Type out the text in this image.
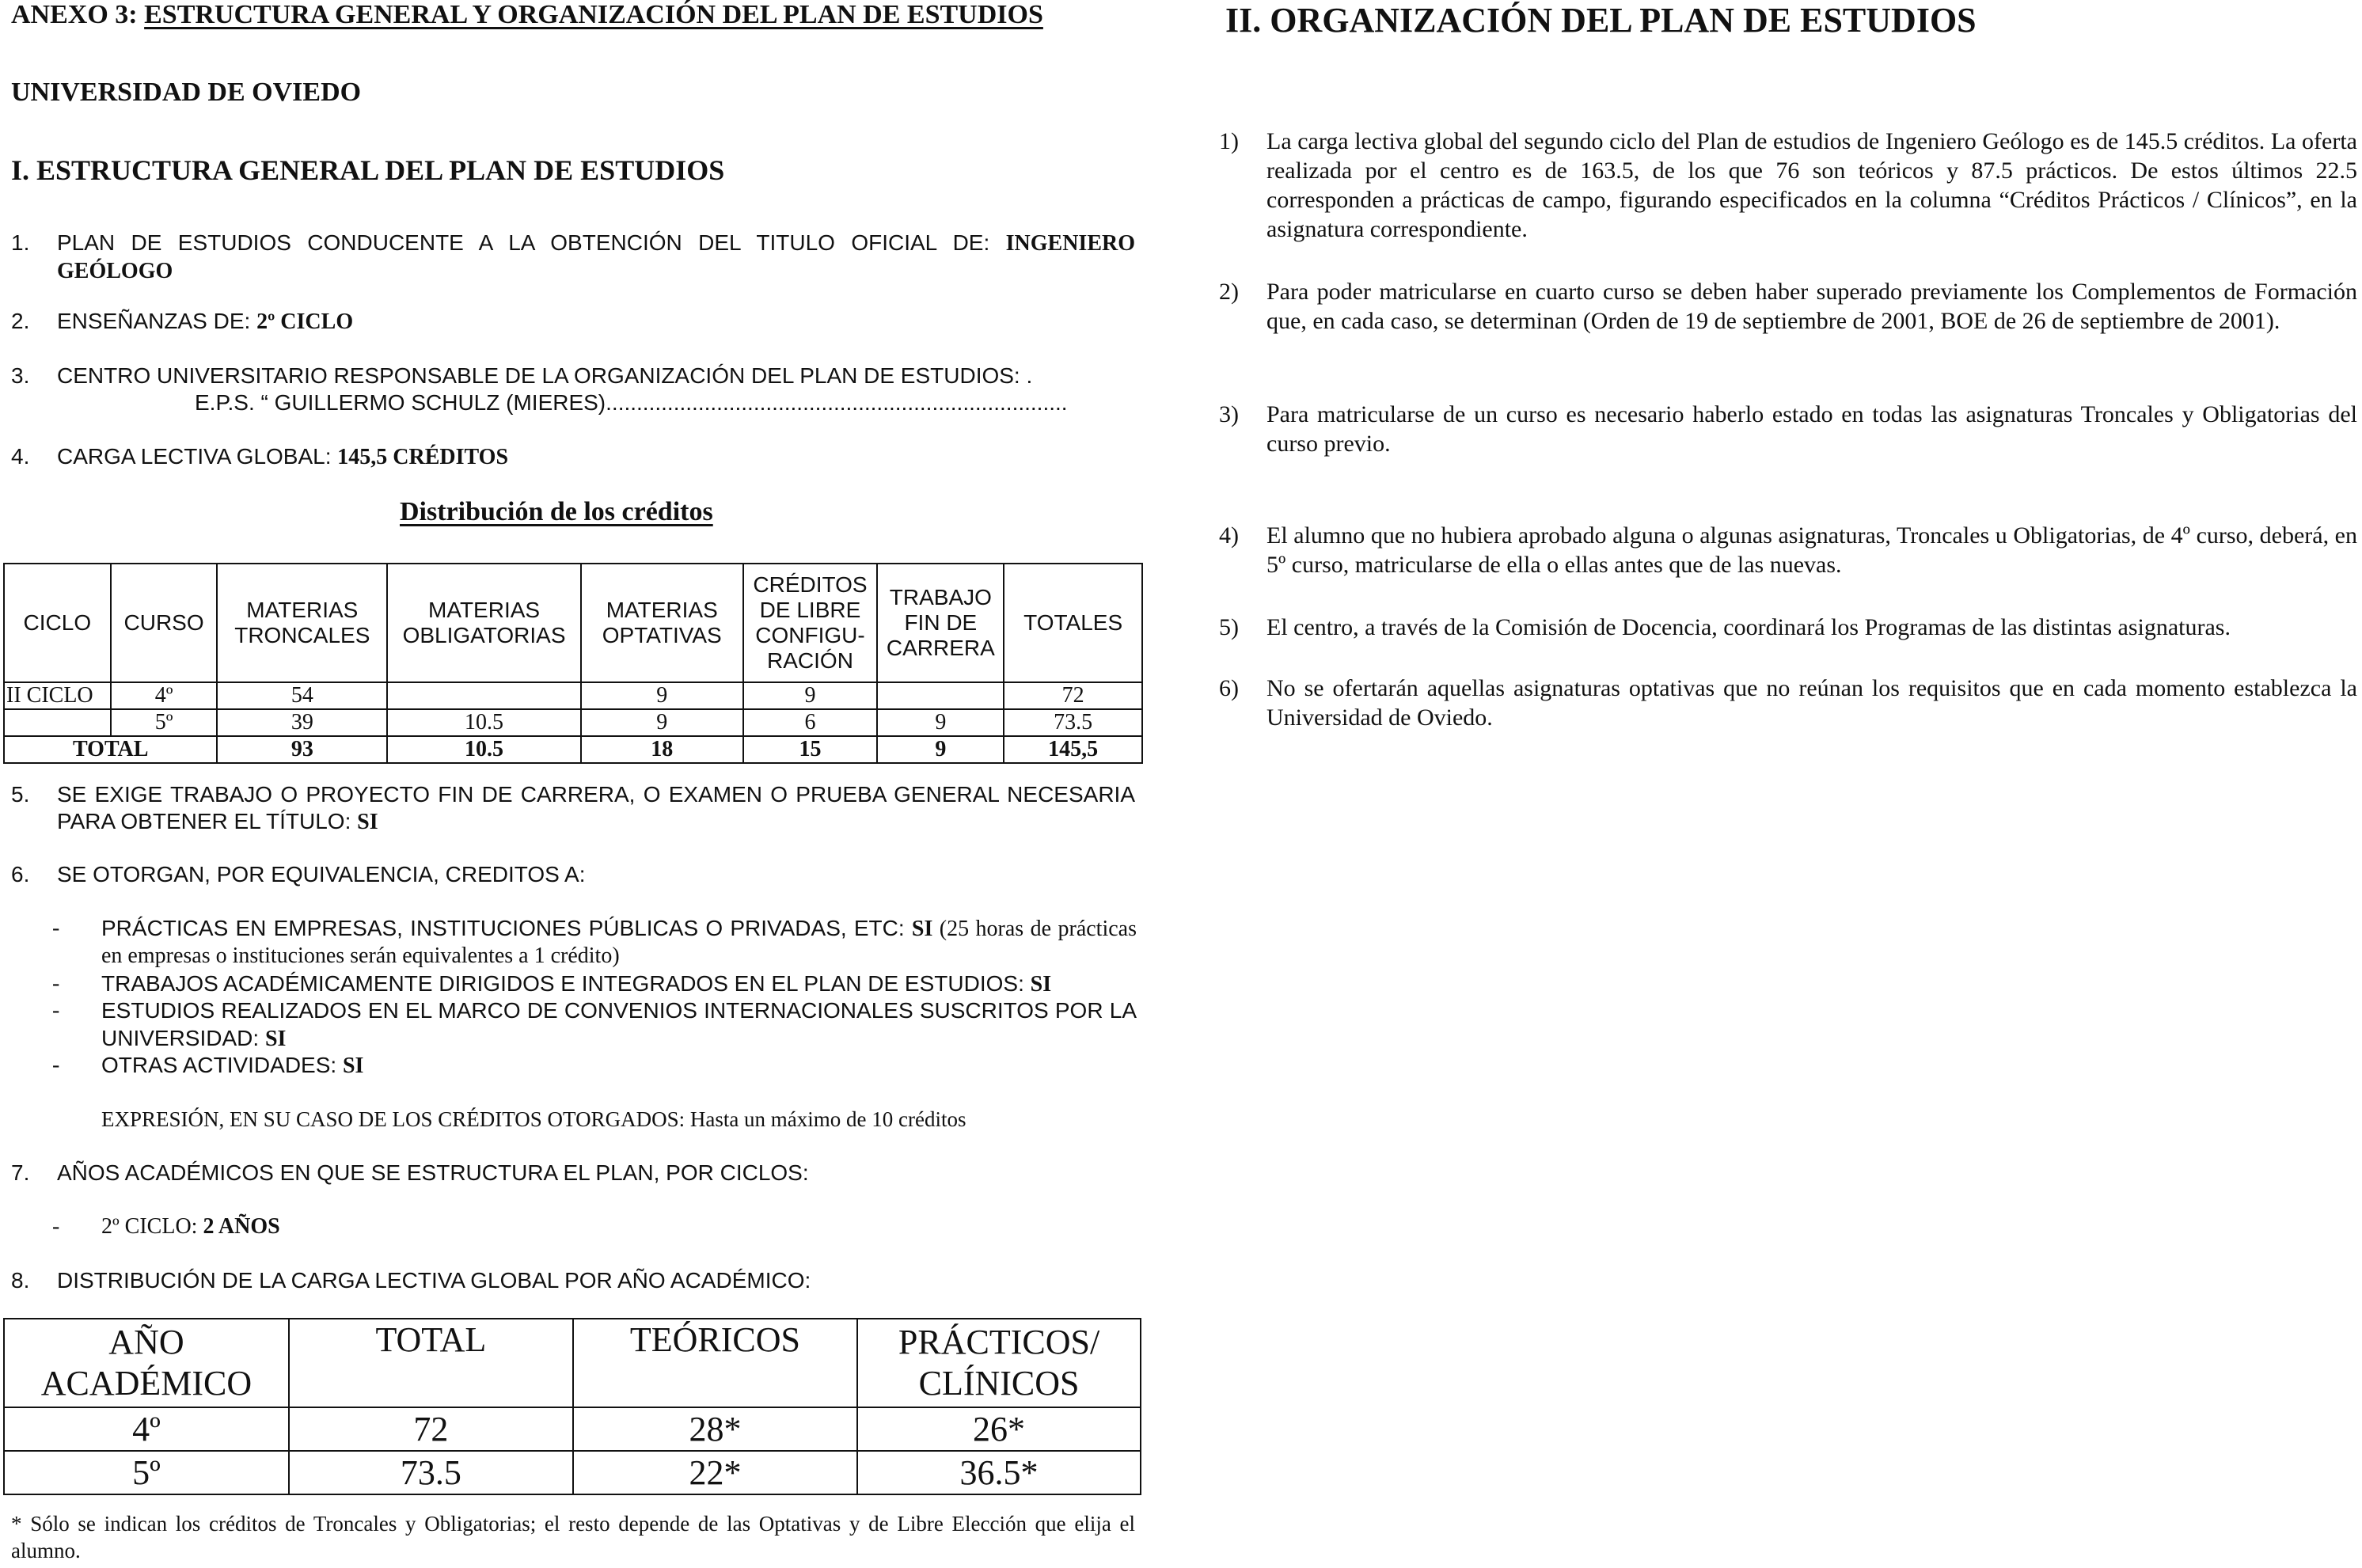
ANEXO 3: ESTRUCTURA GENERAL Y ORGANIZACIÓN DEL PLAN DE ESTUDIOS
UNIVERSIDAD DE OVIEDO
I. ESTRUCTURA GENERAL DEL PLAN DE ESTUDIOS
1.	PLAN DE ESTUDIOS CONDUCENTE A LA OBTENCIÓN DEL TITULO OFICIAL DE: INGENIERO GEÓLOGO
2.	ENSEÑANZAS DE: 2º CICLO
3.	CENTRO UNIVERSITARIO RESPONSABLE DE LA ORGANIZACIÓN DEL PLAN DE ESTUDIOS: .
E.P.S. “ GUILLERMO SCHULZ (MIERES)...........................................................................
4.	CARGA LECTIVA GLOBAL: 145,5 CRÉDITOS
Distribución de los créditos
CICLO	CURSO	MATERIAS TRONCALES	MATERIAS OBLIGATORIAS	MATERIAS OPTATIVAS	CRÉDITOS DE LIBRE CONFIGU- RACIÓN	TRABAJO FIN DE CARRERA	TOTALES
II CICLO	4º	54		9	9		72
	5º	39	10.5	9	6	9	73.5
TOTAL		93	10.5	18	15	9	145,5
5.	SE EXIGE TRABAJO O PROYECTO FIN DE CARRERA, O EXAMEN O PRUEBA GENERAL NECESARIA PARA OBTENER EL TÍTULO: SI
6.	SE OTORGAN, POR EQUIVALENCIA, CREDITOS A:
- PRÁCTICAS EN EMPRESAS, INSTITUCIONES PÚBLICAS O PRIVADAS, ETC: SI (25 horas de prácticas en empresas o instituciones serán equivalentes a 1 crédito)
- TRABAJOS ACADÉMICAMENTE DIRIGIDOS E INTEGRADOS EN EL PLAN DE ESTUDIOS: SI
- ESTUDIOS REALIZADOS EN EL MARCO DE CONVENIOS INTERNACIONALES SUSCRITOS POR LA UNIVERSIDAD: SI
- OTRAS ACTIVIDADES: SI
EXPRESIÓN, EN SU CASO DE LOS CRÉDITOS OTORGADOS: Hasta un máximo de 10 créditos
7.	AÑOS ACADÉMICOS EN QUE SE ESTRUCTURA EL PLAN, POR CICLOS:
- 2º CICLO: 2 AÑOS
8.	DISTRIBUCIÓN DE LA CARGA LECTIVA GLOBAL POR AÑO ACADÉMICO:
AÑO ACADÉMICO	TOTAL	TEÓRICOS	PRÁCTICOS/ CLÍNICOS
4º	72	28*	26*
5º	73.5	22*	36.5*
* Sólo se indican los créditos de Troncales y Obligatorias; el resto depende de las Optativas y de Libre Elección que elija el alumno.
II. ORGANIZACIÓN DEL PLAN DE ESTUDIOS
1) La carga lectiva global del segundo ciclo del Plan de estudios de Ingeniero Geólogo es de 145.5 créditos. La oferta realizada por el centro es de 163.5, de los que 76 son teóricos y 87.5 prácticos. De estos últimos 22.5 corresponden a prácticas de campo, figurando especificados en la columna “Créditos Prácticos / Clínicos”, en la asignatura correspondiente.
2) Para poder matricularse en cuarto curso se deben haber superado previamente los Complementos de Formación que, en cada caso, se determinan (Orden de 19 de septiembre de 2001, BOE de 26 de septiembre de 2001).
3) Para matricularse de un curso es necesario haberlo estado en todas las asignaturas Troncales y Obligatorias del curso previo.
4) El alumno que no hubiera aprobado alguna o algunas asignaturas, Troncales u Obligatorias, de 4º curso, deberá, en 5º curso, matricularse de ella o ellas antes que de las nuevas.
5) El centro, a través de la Comisión de Docencia, coordinará los Programas de las distintas asignaturas.
6) No se ofertarán aquellas asignaturas optativas que no reúnan los requisitos que en cada momento establezca la Universidad de Oviedo.
